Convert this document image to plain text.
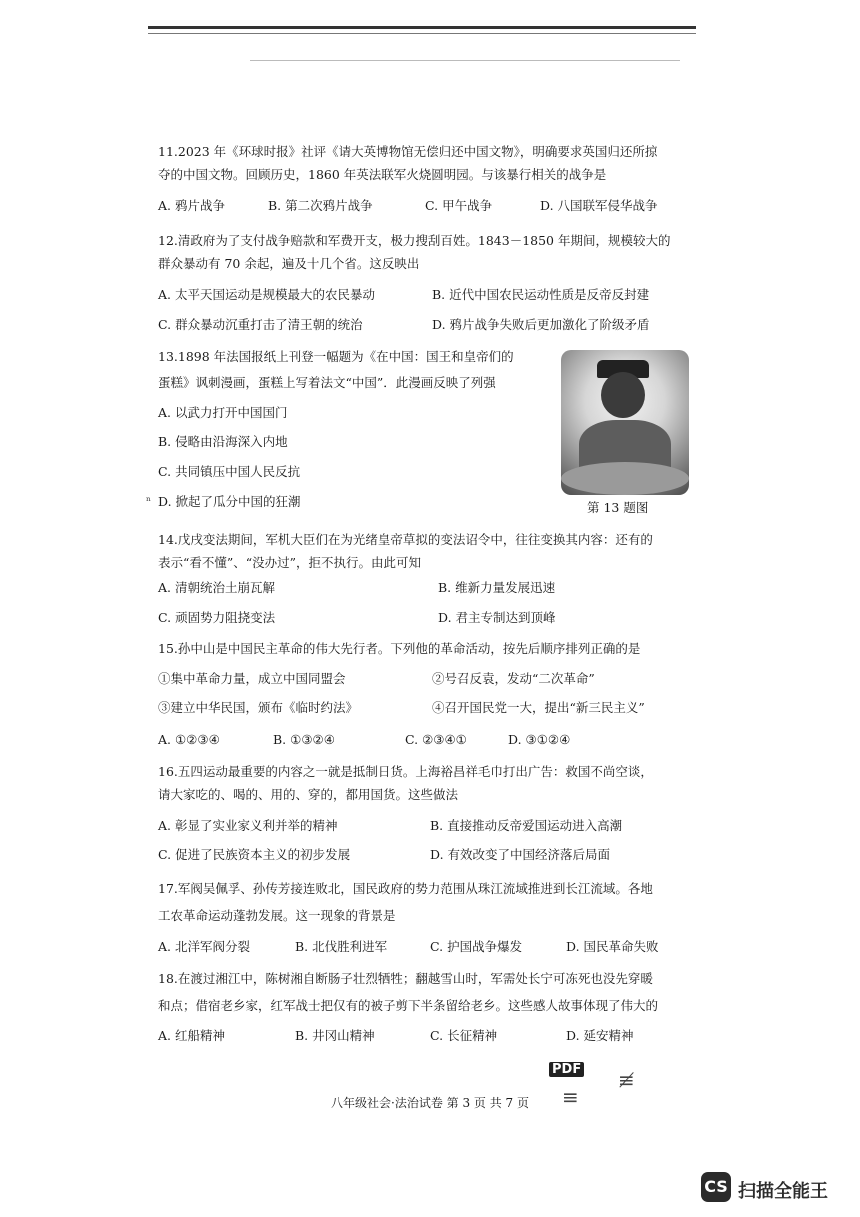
11.2023 年《环球时报》社评《请大英博物馆无偿归还中国文物》，明确要求英国归还所掠
夺的中国文物。回顾历史，1860 年英法联军火烧圆明园。与该暴行相关的战争是
A. 鸦片战争	B. 第二次鸦片战争	C. 甲午战争	D. 八国联军侵华战争
12.清政府为了支付战争赔款和军费开支，极力搜刮百姓。1843－1850 年期间，规模较大的
群众暴动有 70 余起，遍及十几个省。这反映出
A. 太平天国运动是规模最大的农民暴动	B. 近代中国农民运动性质是反帝反封建
C. 群众暴动沉重打击了清王朝的统治	D. 鸦片战争失败后更加激化了阶级矛盾
13.1898 年法国报纸上刊登一幅题为《在中国：国王和皇帝们的
蛋糕》讽刺漫画，蛋糕上写着法文“中国”．此漫画反映了列强
A. 以武力打开中国国门
B. 侵略由沿海深入内地
C. 共同镇压中国人民反抗
D. 掀起了瓜分中国的狂潮
ⁿ	第 13 题图
14.戊戌变法期间，军机大臣们在为光绪皇帝草拟的变法诏令中，往往变换其内容：还有的
表示“看不懂”、“没办过”，拒不执行。由此可知
A. 清朝统治土崩瓦解	B. 维新力量发展迅速
C. 顽固势力阻挠变法	D. 君主专制达到顶峰
15.孙中山是中国民主革命的伟大先行者。下列他的革命活动，按先后顺序排列正确的是
①集中革命力量，成立中国同盟会	②号召反袁，发动“二次革命”
③建立中华民国，颁布《临时约法》	④召开国民党一大，提出“新三民主义”
A. ①②③④	B. ①③②④	C. ②③④①	D. ③①②④
16.五四运动最重要的内容之一就是抵制日货。上海裕昌祥毛巾打出广告：救国不尚空谈，
请大家吃的、喝的、用的、穿的，都用国货。这些做法
A. 彰显了实业家义利并举的精神	B. 直接推动反帝爱国运动进入高潮
C. 促进了民族资本主义的初步发展	D. 有效改变了中国经济落后局面
17.军阀吴佩孚、孙传芳接连败北，国民政府的势力范围从珠江流域推进到长江流域。各地
工农革命运动蓬勃发展。这一现象的背景是
A. 北洋军阀分裂	B. 北伐胜利进军	C. 护国战争爆发	D. 国民革命失败
18.在渡过湘江中，陈树湘自断肠子壮烈牺牲；翻越雪山时，军需处长宁可冻死也没先穿暖
和点；借宿老乡家，红军战士把仅有的被子剪下半条留给老乡。这些感人故事体现了伟大的
A. 红船精神	B. 井冈山精神	C. 长征精神	D. 延安精神
PDF
≡
≢
八年级社会·法治试卷 第 3 页 共 7 页
CS 扫描全能王
